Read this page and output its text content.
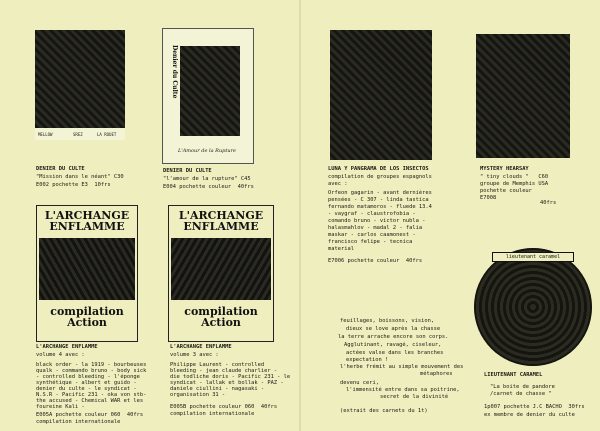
MELLOW	SREZ	LA ROUET
DENIER DU CULTE
"Mission dans le néant" C30
E002 pochette E3  10frs
Denier du Culte
L'Amour de la Rupture
DENIER DU CULTE
"l'amour de la rupture" C45
E004 pochette couleur  40frs
L'ARCHANGE ENFLAMME
compilation Action
L'ARCHANGE ENFLAMME
volume 4 avec :
black order - la 1919 - bourbeuses
qualk - commando bruno - body sick
- controlled bleeding - l'éponge
synthétique - albert et guido -
denier du culte - le syndicat -
N.S.R - Pacific 231 - oka von stb-
the accused - Chemical WAR et les
foureine Kali -
E005A pochette couleur 060  40frs
compilation internationale
L'ARCHANGE ENFLAMME
compilation Action
L'ARCHANGE ENFLAMME
volume 3 avec :
Philippe Laurent - controlled
bleeding - jean claude charlier -
die todliche doris - Pacific 231 - le
syndicat - lallak et bollak - PAZ -
daniele ciullini - nagasaki -
organisation 31 -
E005B pochette couleur 060  40frs
compilation internationale
LUNA Y PANGRAMA DE LOS INSECTOS
compilation de groupes espagnols
avec :
Orfeon gagarin - avant dernières
pensées - C 307 - linda tastica
fernando matamoros - fluede 13.4
- vaygraf - claustrofobia -
comando bruno - victor nubla -
halasmahlov - madal 2 - falia
maskar - carlos caamonest -
francisco felipe - tecnica
material
E7006 pochette couleur  40frs
MYSTERY HEARSAY
" tiny clouds "   C60
groupe de Memphis USA
pochette couleur
E7008
40frs
feuillages, boissons, vision,
dieux se love après la chasse
la terre arrache encore son corps.
Agglutinant, ravagé, ciseleur,
actées valse dans les branches
expectation !
l'herbe frémit au simple mouvement des
métaphores
devenu ceri,
l'immensité entre dans sa poitrine,
secret de la divinité
(extrait des carnets du 1t)
lieutenant caramel
LIEUTENANT CARAMEL
"La boite de pandore
/carnet de chasse "
1p007 pochette J.C BACHO  30frs
ex membre de denier du culte
